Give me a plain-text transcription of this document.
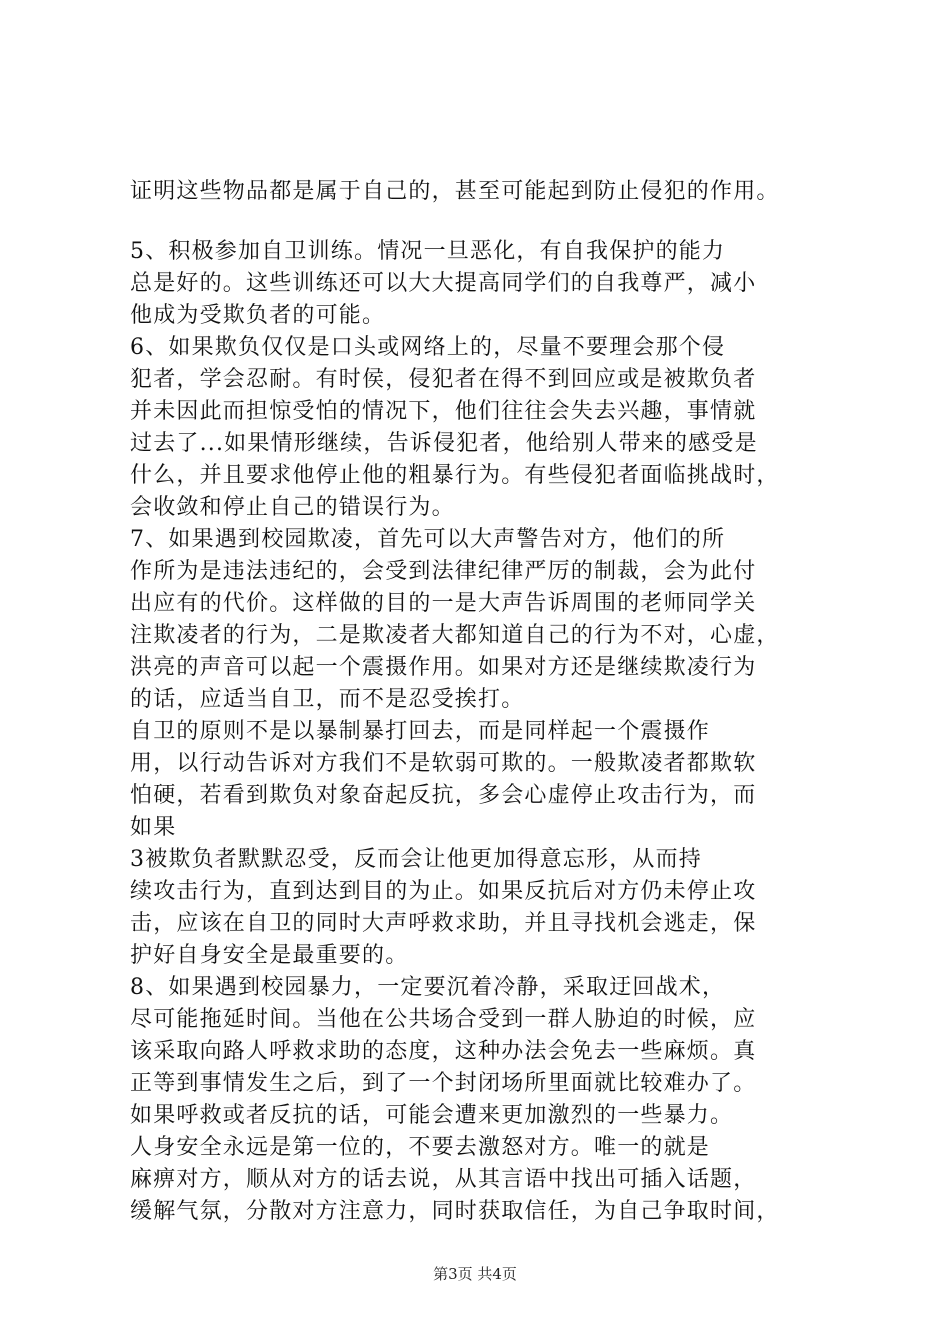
证明这些物品都是属于自己的，甚至可能起到防止侵犯的作用。
5、积极参加自卫训练。情况一旦恶化，有自我保护的能力
总是好的。这些训练还可以大大提高同学们的自我尊严，减小
他成为受欺负者的可能。
6、如果欺负仅仅是口头或网络上的，尽量不要理会那个侵
犯者，学会忍耐。有时侯，侵犯者在得不到回应或是被欺负者
并未因此而担惊受怕的情况下，他们往往会失去兴趣，事情就
过去了...如果情形继续，告诉侵犯者，他给别人带来的感受是
什么，并且要求他停止他的粗暴行为。有些侵犯者面临挑战时，
会收敛和停止自己的错误行为。
7、如果遇到校园欺凌，首先可以大声警告对方，他们的所
作所为是违法违纪的，会受到法律纪律严厉的制裁，会为此付
出应有的代价。这样做的目的一是大声告诉周围的老师同学关
注欺凌者的行为，二是欺凌者大都知道自己的行为不对，心虚，
洪亮的声音可以起一个震摄作用。如果对方还是继续欺凌行为
的话，应适当自卫，而不是忍受挨打。
自卫的原则不是以暴制暴打回去，而是同样起一个震摄作
用，以行动告诉对方我们不是软弱可欺的。一般欺凌者都欺软
怕硬，若看到欺负对象奋起反抗，多会心虚停止攻击行为，而
如果
3被欺负者默默忍受，反而会让他更加得意忘形，从而持
续攻击行为，直到达到目的为止。如果反抗后对方仍未停止攻
击，应该在自卫的同时大声呼救求助，并且寻找机会逃走，保
护好自身安全是最重要的。
8、如果遇到校园暴力，一定要沉着冷静，采取迂回战术，
尽可能拖延时间。当他在公共场合受到一群人胁迫的时候，应
该采取向路人呼救求助的态度，这种办法会免去一些麻烦。真
正等到事情发生之后，到了一个封闭场所里面就比较难办了。
如果呼救或者反抗的话，可能会遭来更加激烈的一些暴力。
人身安全永远是第一位的，不要去激怒对方。唯一的就是
麻痹对方，顺从对方的话去说，从其言语中找出可插入话题，
缓解气氛，分散对方注意力，同时获取信任，为自己争取时间，
第3页 共4页
